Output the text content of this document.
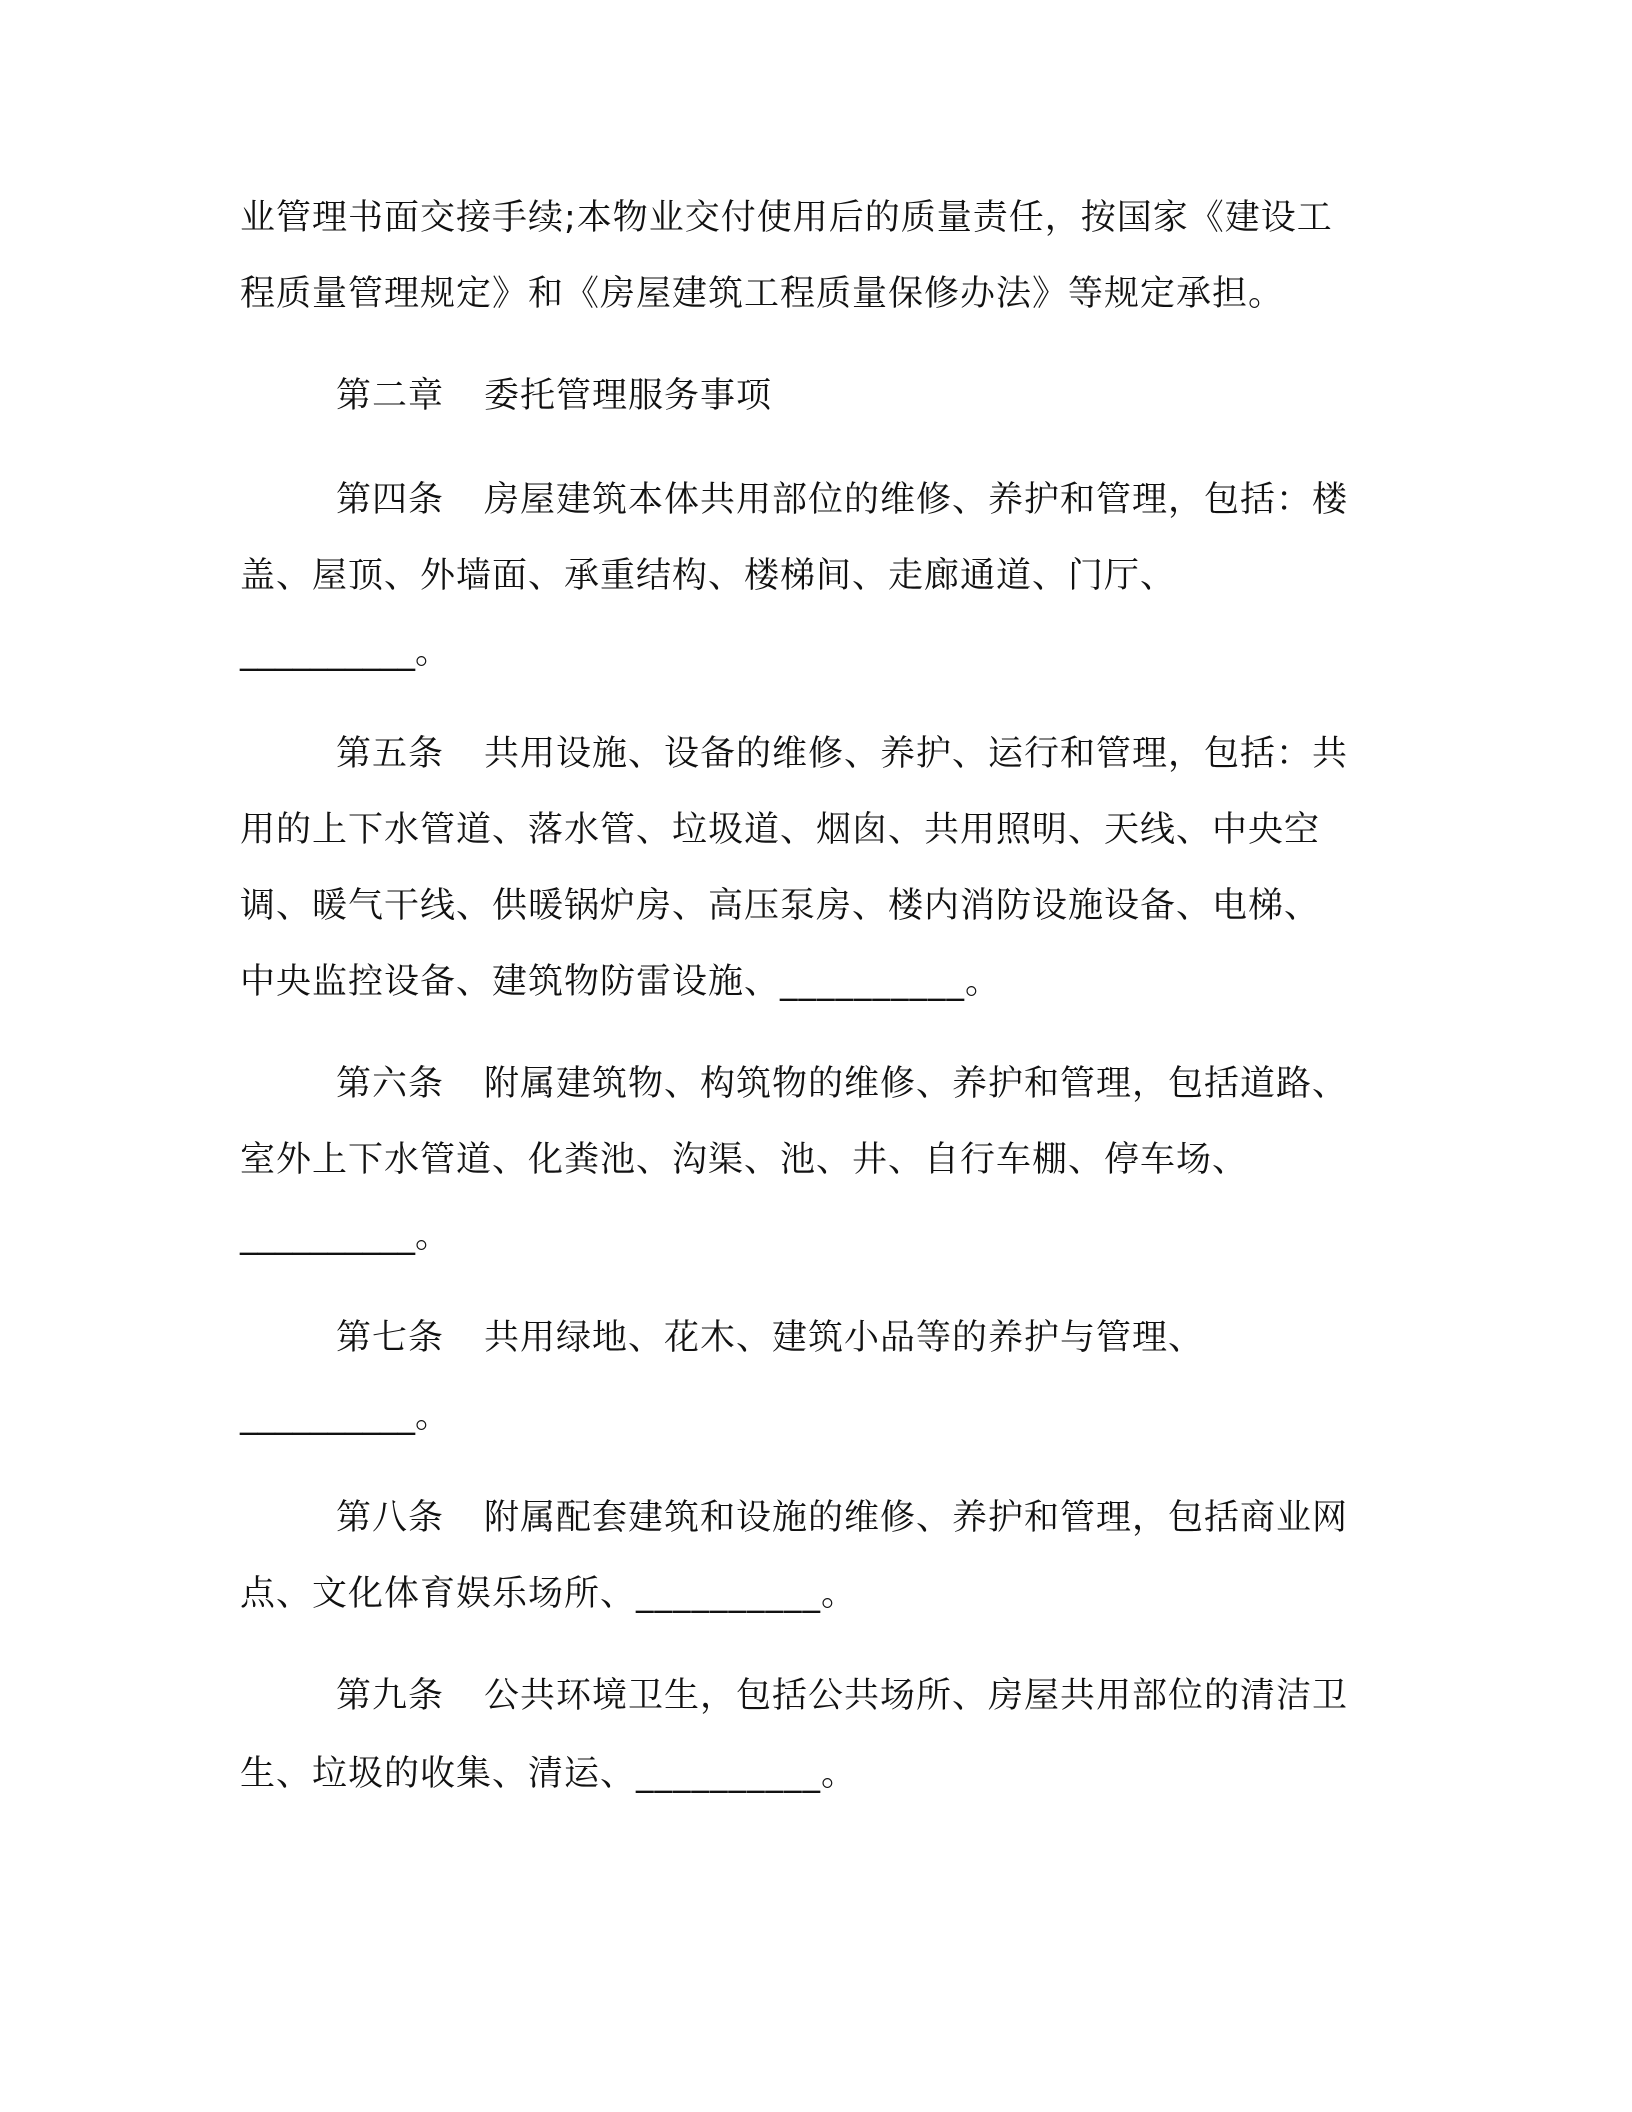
业管理书面交接手续;本物业交付使用后的质量责任，按国家《建设工
程质量管理规定》和《房屋建筑工程质量保修办法》等规定承担。
第二章 委托管理服务事项
第四条 房屋建筑本体共用部位的维修、养护和管理，包括：楼
盖、屋顶、外墙面、承重结构、楼梯间、走廊通道、门厅、
__________。
第五条 共用设施、设备的维修、养护、运行和管理，包括：共
用的上下水管道、落水管、垃圾道、烟囱、共用照明、天线、中央空
调、暖气干线、供暖锅炉房、高压泵房、楼内消防设施设备、电梯、
中央监控设备、建筑物防雷设施、__________。
第六条 附属建筑物、构筑物的维修、养护和管理，包括道路、
室外上下水管道、化粪池、沟渠、池、井、自行车棚、停车场、
__________。
第七条 共用绿地、花木、建筑小品等的养护与管理、
__________。
第八条 附属配套建筑和设施的维修、养护和管理，包括商业网
点、文化体育娱乐场所、__________。
第九条 公共环境卫生，包括公共场所、房屋共用部位的清洁卫
生、垃圾的收集、清运、__________。
